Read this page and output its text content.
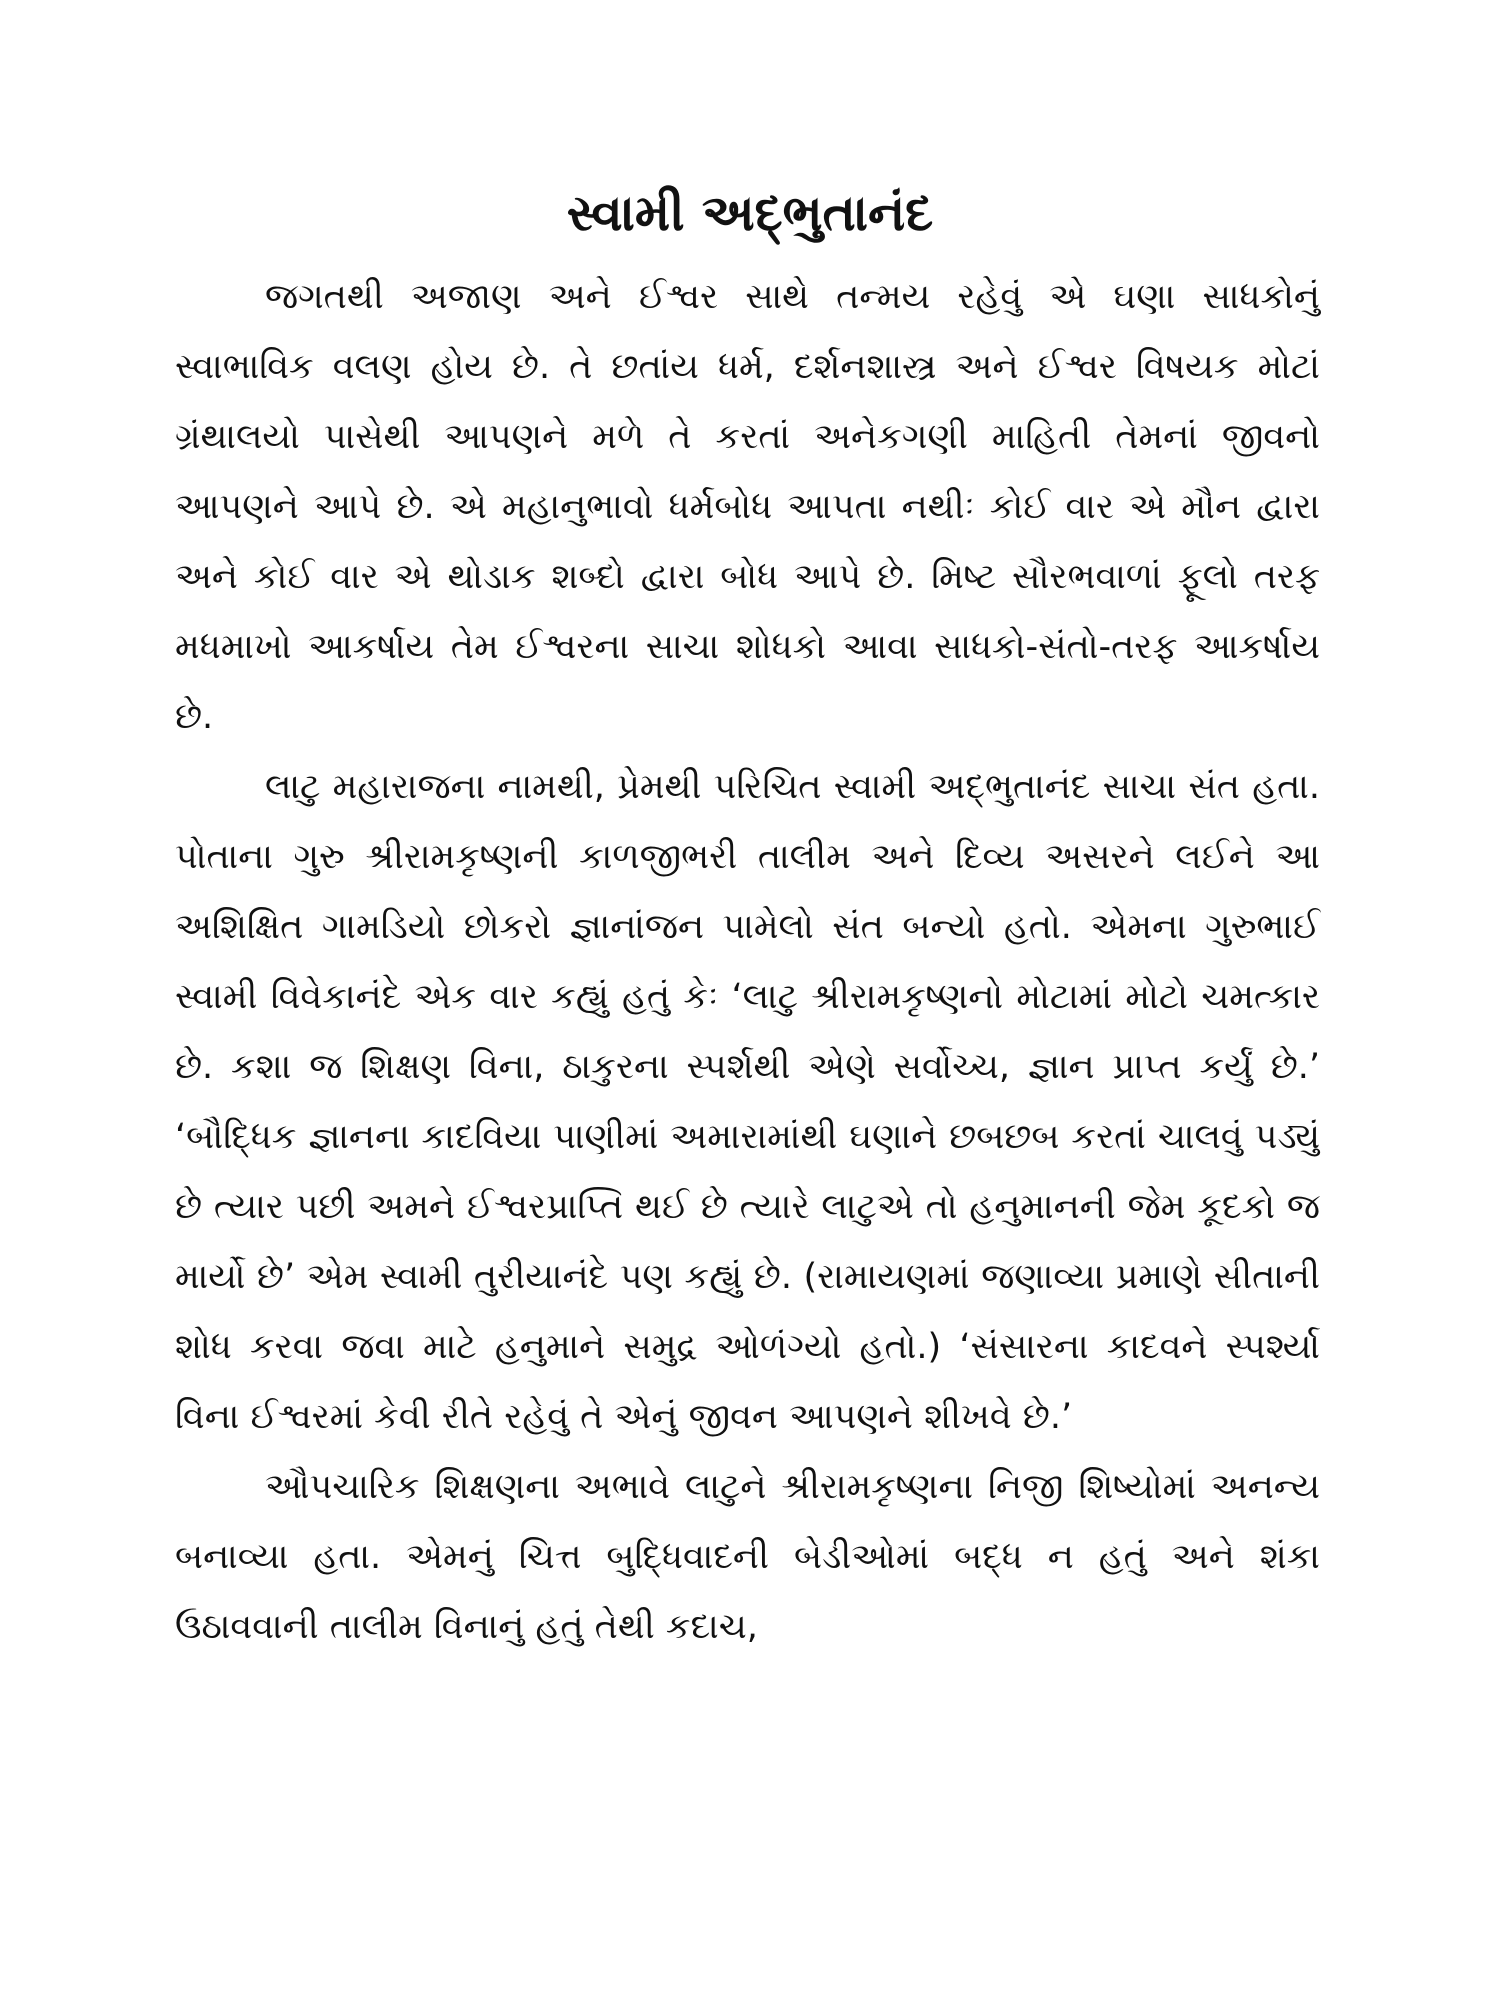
સ્વામી અદ્ભુતાનંદ

જગતથી અજાણ અને ઈશ્વર સાથે તન્મય રહેવું એ ઘણા સાધકોનું સ્વાભાવિક વલણ હોય છે. તે છતાંય ધર્મ, દર્શનશાસ્ત્ર અને ઈશ્વર વિષયક મોટાં ગ્રંથાલયો પાસેથી આપણને મળે તે કરતાં અનેકગણી માહિતી તેમનાં જીવનો આપણને આપે છે. એ મહાનુભાવો ધર્મબોધ આપતા નથીઃ કોઈ વાર એ મૌન દ્વારા અને કોઈ વાર એ થોડાક શબ્દો દ્વારા બોધ આપે છે. મિષ્ટ સૌરભવાળાં ફૂલો તરફ મધમાખો આકર્ષાય તેમ ઈશ્વરના સાચા શોધકો આવા સાધકો-સંતો-તરફ આકર્ષાય છે.

લાટુ મહારાજના નામથી, પ્રેમથી પરિચિત સ્વામી અદ્ભુતાનંદ સાચા સંત હતા. પોતાના ગુરુ શ્રીરામકૃષ્ણની કાળજીભરી તાલીમ અને દિવ્ય અસરને લઈને આ અશિક્ષિત ગામડિયો છોકરો જ્ઞાનાંજન પામેલો સંત બન્યો હતો. એમના ગુરુભાઈ સ્વામી વિવેકાનંદે એક વાર કહ્યું હતું કેઃ ‘લાટુ શ્રીરામકૃષ્ણનો મોટામાં મોટો ચમત્કાર છે. કશા જ શિક્ષણ વિના, ઠાકુરના સ્પર્શથી એણે સર્વોચ્ચ, જ્ઞાન પ્રાપ્ત કર્યું છે.’ ‘બૌદ્ધિક જ્ઞાનના કાદવિયા પાણીમાં અમારામાંથી ઘણાને છબછબ કરતાં ચાલવું પડ્યું છે ત્યાર પછી અમને ઈશ્વરપ્રાપ્તિ થઈ છે ત્યારે લાટુએ તો હનુમાનની જેમ કૂદકો જ માર્યો છે’ એમ સ્વામી તુરીયાનંદે પણ કહ્યું છે. (રામાયણમાં જણાવ્યા પ્રમાણે સીતાની શોધ કરવા જવા માટે હનુમાને સમુદ્ર ઓળંગ્યો હતો.) ‘સંસારના કાદવને સ્પર્શ્યા વિના ઈશ્વરમાં કેવી રીતે રહેવું તે એનું જીવન આપણને શીખવે છે.’

ઔપચારિક શિક્ષણના અભાવે લાટુને શ્રીરામકૃષ્ણના નિજી શિષ્યોમાં અનન્ય બનાવ્યા હતા. એમનું ચિત્ત બુદ્ધિવાદની બેડીઓમાં બદ્ધ ન હતું અને શંકા ઉઠાવવાની તાલીમ વિનાનું હતું તેથી કદાચ,
